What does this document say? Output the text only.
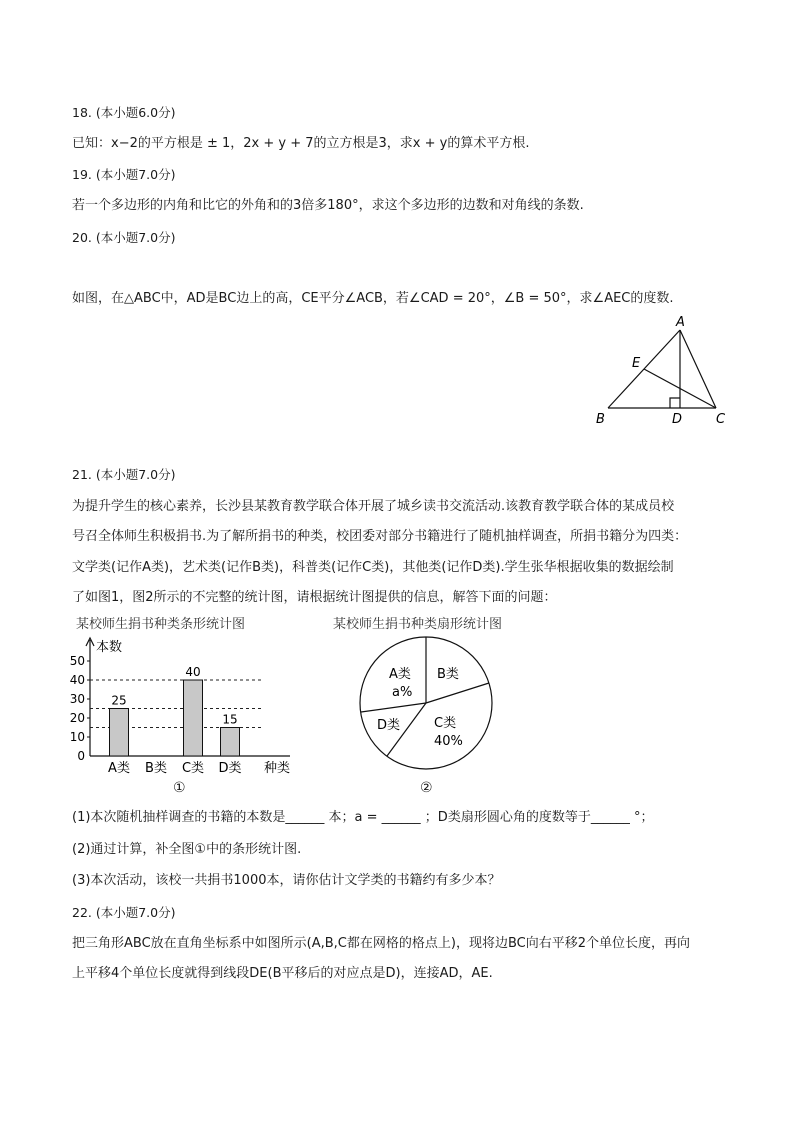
18. (本小题6.0分)
已知：x−2的平方根是 ± 1，2x + y + 7的立方根是3，求x + y的算术平方根.
19. (本小题7.0分)
若一个多边形的内角和比它的外角和的3倍多180°，求这个多边形的边数和对角线的条数.
20. (本小题7.0分)
如图，在△ABC中，AD是BC边上的高，CE平分∠ACB，若∠CAD = 20°，∠B = 50°，求∠AEC的度数.
A
B	C
D
E
21. (本小题7.0分)
为提升学生的核心素养，长沙县某教育教学联合体开展了城乡读书交流活动.该教育教学联合体的某成员校
号召全体师生积极捐书.为了解所捐书的种类，校团委对部分书籍进行了随机抽样调查，所捐书籍分为四类：
文学类(记作A类)，艺术类(记作B类)，科普类(记作C类)，其他类(记作D类).学生张华根据收集的数据绘制
了如图1，图2所示的不完整的统计图，请根据统计图提供的信息，解答下面的问题：
某校师生捐书种类条形统计图	某校师生捐书种类扇形统计图
本数
种类
0
10
20
30
40
50
25
A类 B类
40
C类
15
D类
①
A类
a%
B类
C类
40%
D类
②
(1)本次随机抽样调查的书籍的本数是______ 本；a = ______ ；D类扇形圆心角的度数等于______ °；
(2)通过计算，补全图①中的条形统计图.
(3)本次活动，该校一共捐书1000本，请你估计文学类的书籍约有多少本？
22. (本小题7.0分)
把三角形ABC放在直角坐标系中如图所示(A,B,C都在网格的格点上)，现将边BC向右平移2个单位长度，再向
上平移4个单位长度就得到线段DE(B平移后的对应点是D)，连接AD，AE.
